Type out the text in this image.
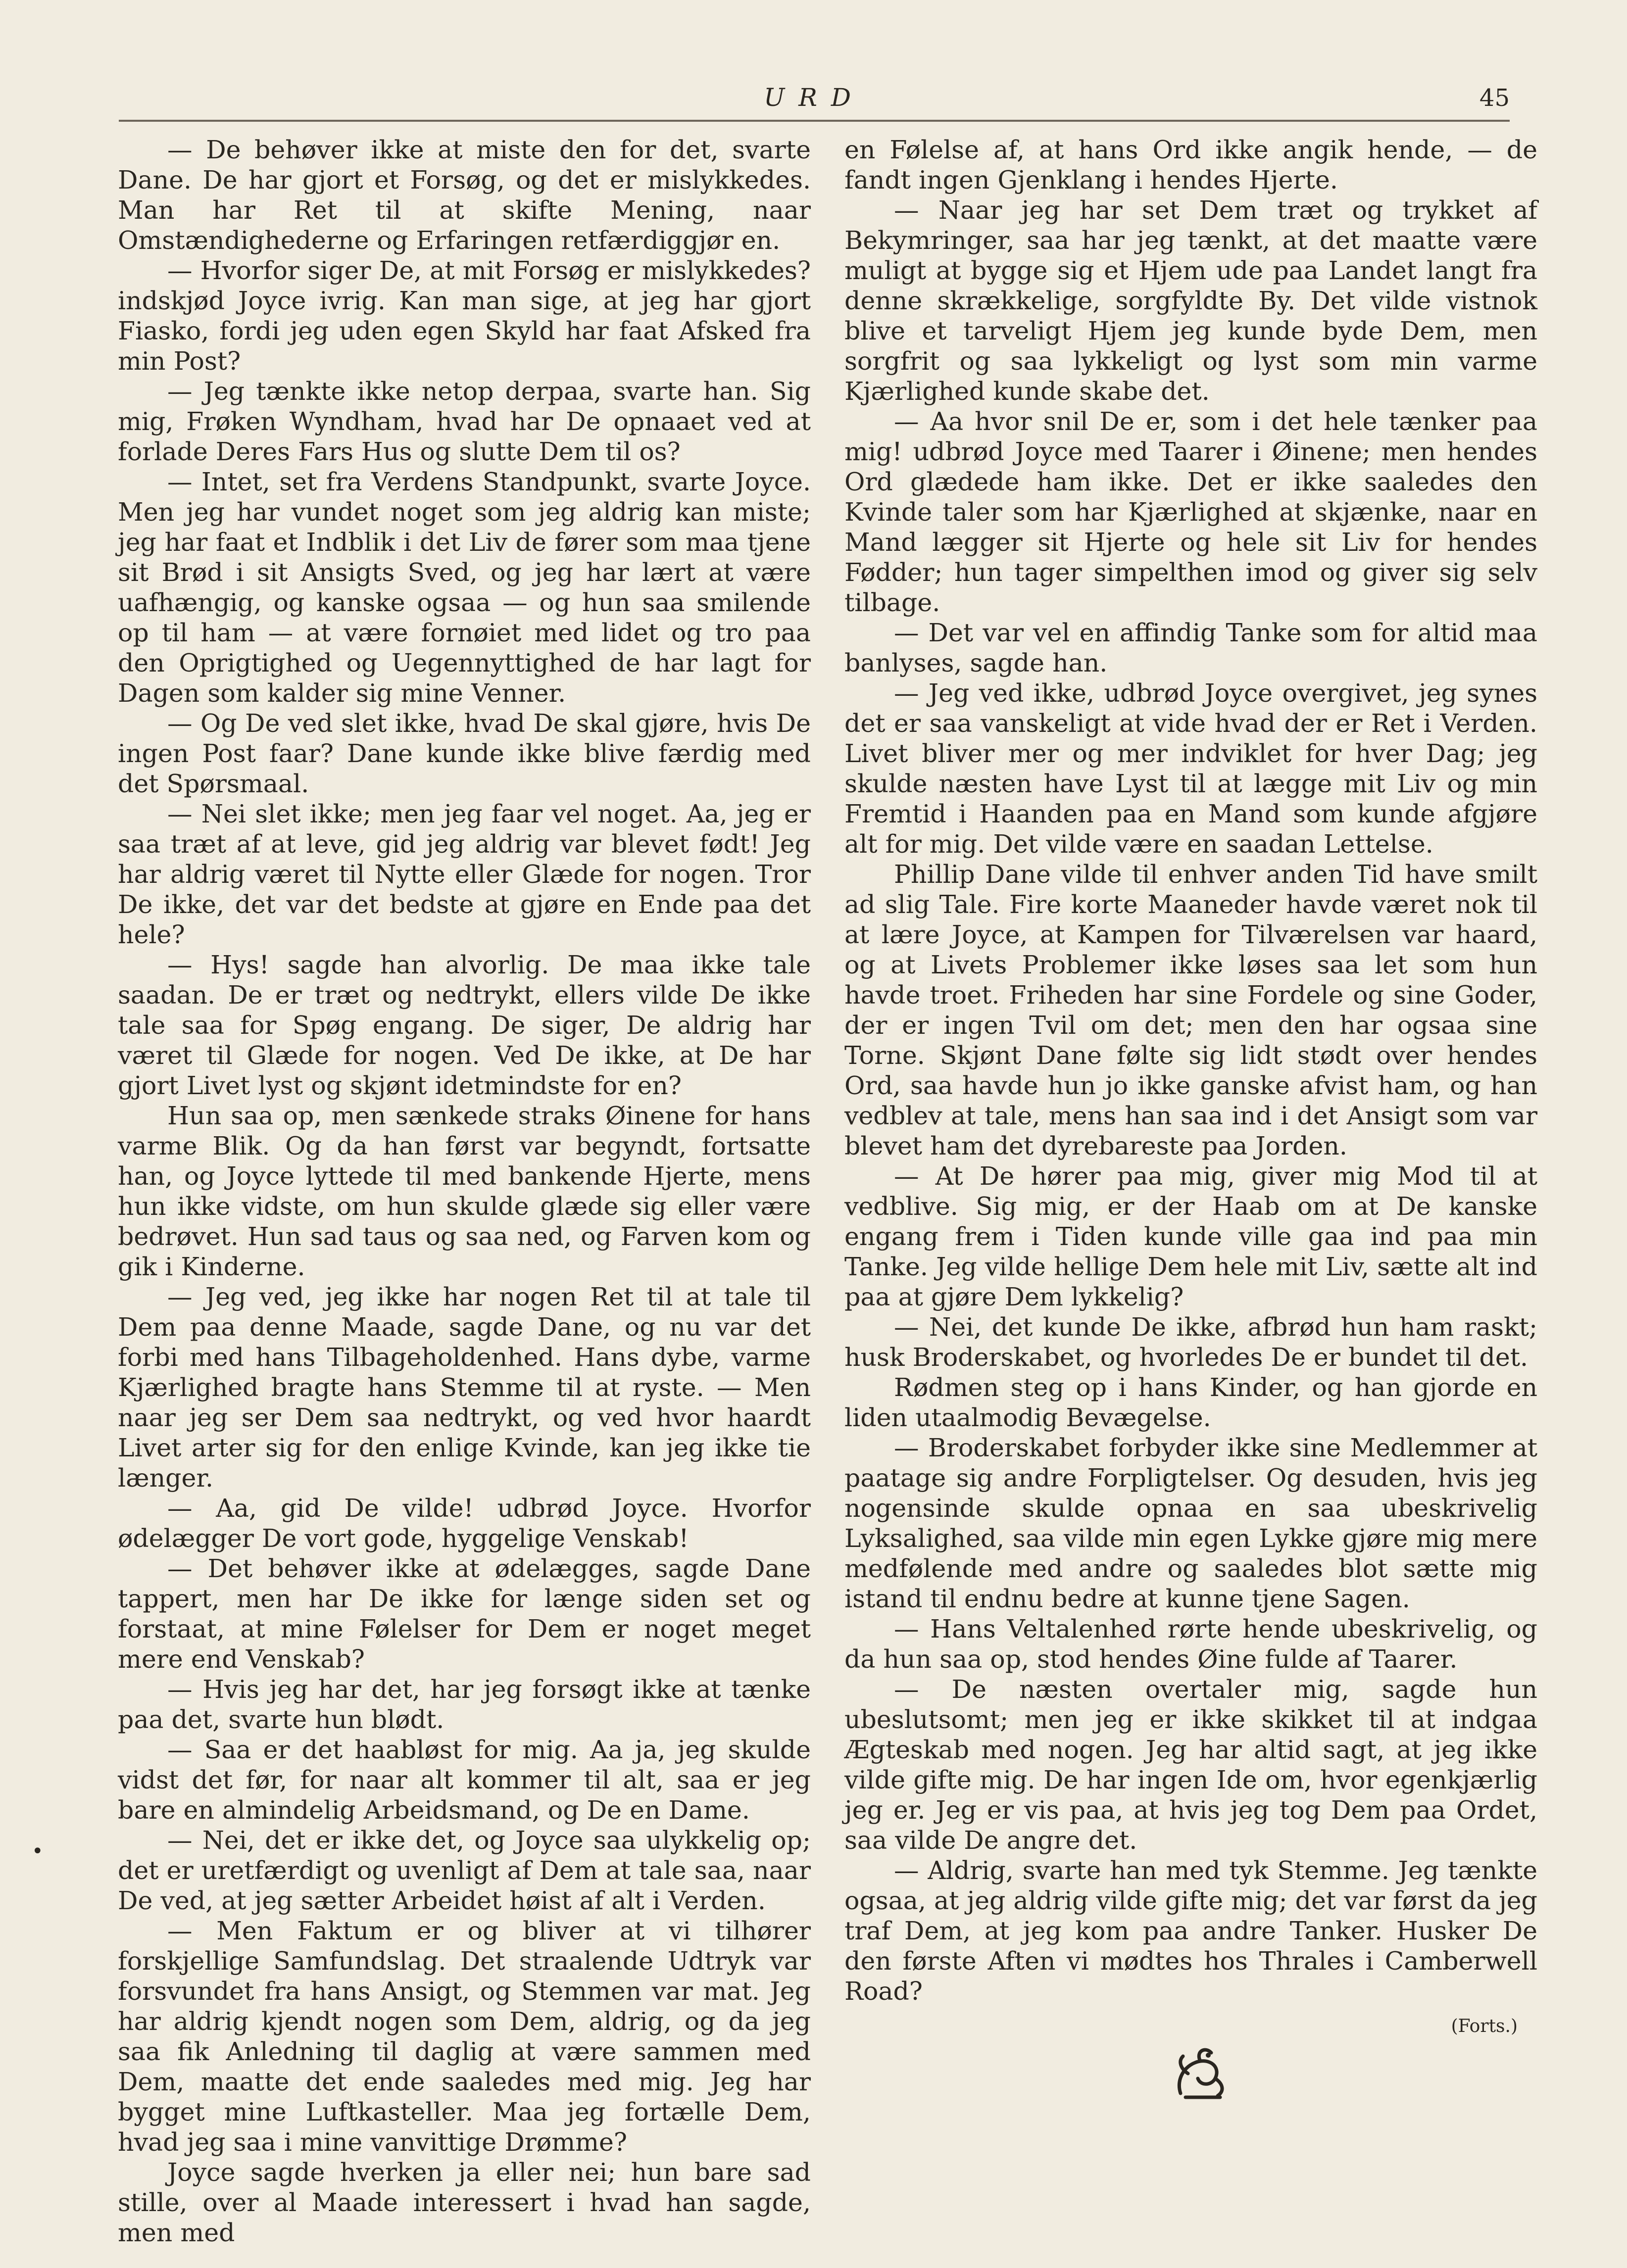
URD	45

— De behøver ikke at miste den for det, svarte Dane. De har gjort et Forsøg, og det er mislykkedes. Man har Ret til at skifte Mening, naar Omstændighederne og Erfaringen retfærdiggjør en.

— Hvorfor siger De, at mit Forsøg er mislykkedes? indskjød Joyce ivrig. Kan man sige, at jeg har gjort Fiasko, fordi jeg uden egen Skyld har faat Afsked fra min Post?

— Jeg tænkte ikke netop derpaa, svarte han. Sig mig, Frøken Wyndham, hvad har De opnaaet ved at forlade Deres Fars Hus og slutte Dem til os?

— Intet, set fra Verdens Standpunkt, svarte Joyce. Men jeg har vundet noget som jeg aldrig kan miste; jeg har faat et Indblik i det Liv de fører som maa tjene sit Brød i sit Ansigts Sved, og jeg har lært at være uafhængig, og kanske ogsaa — og hun saa smilende op til ham — at være fornøiet med lidet og tro paa den Oprigtighed og Uegennyttighed de har lagt for Dagen som kalder sig mine Venner.

— Og De ved slet ikke, hvad De skal gjøre, hvis De ingen Post faar? Dane kunde ikke blive færdig med det Spørsmaal.

— Nei slet ikke; men jeg faar vel noget. Aa, jeg er saa træt af at leve, gid jeg aldrig var blevet født! Jeg har aldrig været til Nytte eller Glæde for nogen. Tror De ikke, det var det bedste at gjøre en Ende paa det hele?

— Hys! sagde han alvorlig. De maa ikke tale saadan. De er træt og nedtrykt, ellers vilde De ikke tale saa for Spøg engang. De siger, De aldrig har været til Glæde for nogen. Ved De ikke, at De har gjort Livet lyst og skjønt idetmindste for en?

Hun saa op, men sænkede straks Øinene for hans varme Blik. Og da han først var begyndt, fortsatte han, og Joyce lyttede til med bankende Hjerte, mens hun ikke vidste, om hun skulde glæde sig eller være bedrøvet. Hun sad taus og saa ned, og Farven kom og gik i Kinderne.

— Jeg ved, jeg ikke har nogen Ret til at tale til Dem paa denne Maade, sagde Dane, og nu var det forbi med hans Tilbageholdenhed. Hans dybe, varme Kjærlighed bragte hans Stemme til at ryste. — Men naar jeg ser Dem saa nedtrykt, og ved hvor haardt Livet arter sig for den enlige Kvinde, kan jeg ikke tie længer.

— Aa, gid De vilde! udbrød Joyce. Hvorfor ødelægger De vort gode, hyggelige Venskab!

— Det behøver ikke at ødelægges, sagde Dane tappert, men har De ikke for længe siden set og forstaat, at mine Følelser for Dem er noget meget mere end Venskab?

— Hvis jeg har det, har jeg forsøgt ikke at tænke paa det, svarte hun blødt.

— Saa er det haabløst for mig. Aa ja, jeg skulde vidst det før, for naar alt kommer til alt, saa er jeg bare en almindelig Arbeidsmand, og De en Dame.

— Nei, det er ikke det, og Joyce saa ulykkelig op; det er uretfærdigt og uvenligt af Dem at tale saa, naar De ved, at jeg sætter Arbeidet høist af alt i Verden.

— Men Faktum er og bliver at vi tilhører forskjellige Samfundslag. Det straalende Udtryk var forsvundet fra hans Ansigt, og Stemmen var mat. Jeg har aldrig kjendt nogen som Dem, aldrig, og da jeg saa fik Anledning til daglig at være sammen med Dem, maatte det ende saaledes med mig. Jeg har bygget mine Luftkasteller. Maa jeg fortælle Dem, hvad jeg saa i mine vanvittige Drømme?

Joyce sagde hverken ja eller nei; hun bare sad stille, over al Maade interessert i hvad han sagde, men med

en Følelse af, at hans Ord ikke angik hende, — de fandt ingen Gjenklang i hendes Hjerte.

— Naar jeg har set Dem træt og trykket af Bekymringer, saa har jeg tænkt, at det maatte være muligt at bygge sig et Hjem ude paa Landet langt fra denne skrækkelige, sorgfyldte By. Det vilde vistnok blive et tarveligt Hjem jeg kunde byde Dem, men sorgfrit og saa lykkeligt og lyst som min varme Kjærlighed kunde skabe det.

— Aa hvor snil De er, som i det hele tænker paa mig! udbrød Joyce med Taarer i Øinene; men hendes Ord glædede ham ikke. Det er ikke saaledes den Kvinde taler som har Kjærlighed at skjænke, naar en Mand lægger sit Hjerte og hele sit Liv for hendes Fødder; hun tager simpelthen imod og giver sig selv tilbage.

— Det var vel en affindig Tanke som for altid maa banlyses, sagde han.

— Jeg ved ikke, udbrød Joyce overgivet, jeg synes det er saa vanskeligt at vide hvad der er Ret i Verden. Livet bliver mer og mer indviklet for hver Dag; jeg skulde næsten have Lyst til at lægge mit Liv og min Fremtid i Haanden paa en Mand som kunde afgjøre alt for mig. Det vilde være en saadan Lettelse.

Phillip Dane vilde til enhver anden Tid have smilt ad slig Tale. Fire korte Maaneder havde været nok til at lære Joyce, at Kampen for Tilværelsen var haard, og at Livets Problemer ikke løses saa let som hun havde troet. Friheden har sine Fordele og sine Goder, der er ingen Tvil om det; men den har ogsaa sine Torne. Skjønt Dane følte sig lidt stødt over hendes Ord, saa havde hun jo ikke ganske afvist ham, og han vedblev at tale, mens han saa ind i det Ansigt som var blevet ham det dyrebareste paa Jorden.

— At De hører paa mig, giver mig Mod til at vedblive. Sig mig, er der Haab om at De kanske engang frem i Tiden kunde ville gaa ind paa min Tanke. Jeg vilde hellige Dem hele mit Liv, sætte alt ind paa at gjøre Dem lykkelig?

— Nei, det kunde De ikke, afbrød hun ham raskt; husk Broderskabet, og hvorledes De er bundet til det.

Rødmen steg op i hans Kinder, og han gjorde en liden utaalmodig Bevægelse.

— Broderskabet forbyder ikke sine Medlemmer at paatage sig andre Forpligtelser. Og desuden, hvis jeg nogensinde skulde opnaa en saa ubeskrivelig Lyksalighed, saa vilde min egen Lykke gjøre mig mere medfølende med andre og saaledes blot sætte mig istand til endnu bedre at kunne tjene Sagen.

— Hans Veltalenhed rørte hende ubeskrivelig, og da hun saa op, stod hendes Øine fulde af Taarer.

— De næsten overtaler mig, sagde hun ubeslutsomt; men jeg er ikke skikket til at indgaa Ægteskab med nogen. Jeg har altid sagt, at jeg ikke vilde gifte mig. De har ingen Ide om, hvor egenkjærlig jeg er. Jeg er vis paa, at hvis jeg tog Dem paa Ordet, saa vilde De angre det.

— Aldrig, svarte han med tyk Stemme. Jeg tænkte ogsaa, at jeg aldrig vilde gifte mig; det var først da jeg traf Dem, at jeg kom paa andre Tanker. Husker De den første Aften vi mødtes hos Thrales i Camberwell Road?

(Forts.)
•
